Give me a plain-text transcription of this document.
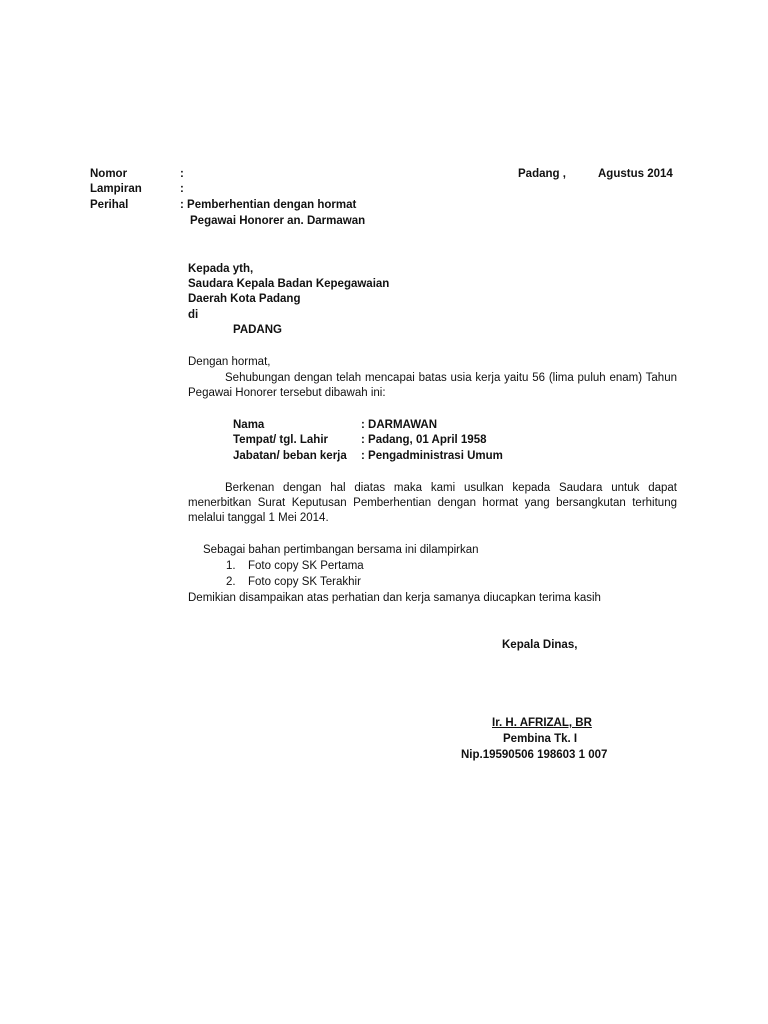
Nomor	:	Padang ,	Agustus 2014
Lampiran	:
Perihal	: Pemberhentian dengan hormat
Pegawai Honorer an. Darmawan
Kepada yth,
Saudara Kepala Badan Kepegawaian
Daerah Kota Padang
di
PADANG
Dengan hormat,
Sehubungan dengan telah mencapai batas usia kerja yaitu 56 (lima puluh enam) Tahun Pegawai Honorer tersebut dibawah ini:
Nama	: DARMAWAN
Tempat/ tgl. Lahir	: Padang, 01 April 1958
Jabatan/ beban kerja : Pengadministrasi Umum
Berkenan dengan hal diatas maka kami usulkan kepada Saudara untuk dapat menerbitkan Surat Keputusan Pemberhentian dengan hormat yang bersangkutan terhitung melalui tanggal 1 Mei 2014.
Sebagai bahan pertimbangan bersama ini dilampirkan
1. Foto copy SK Pertama
2. Foto copy SK Terakhir
Demikian disampaikan atas perhatian dan kerja samanya diucapkan terima kasih
Kepala Dinas,
Ir. H. AFRIZAL, BR
Pembina Tk. I
Nip.19590506 198603 1 007
